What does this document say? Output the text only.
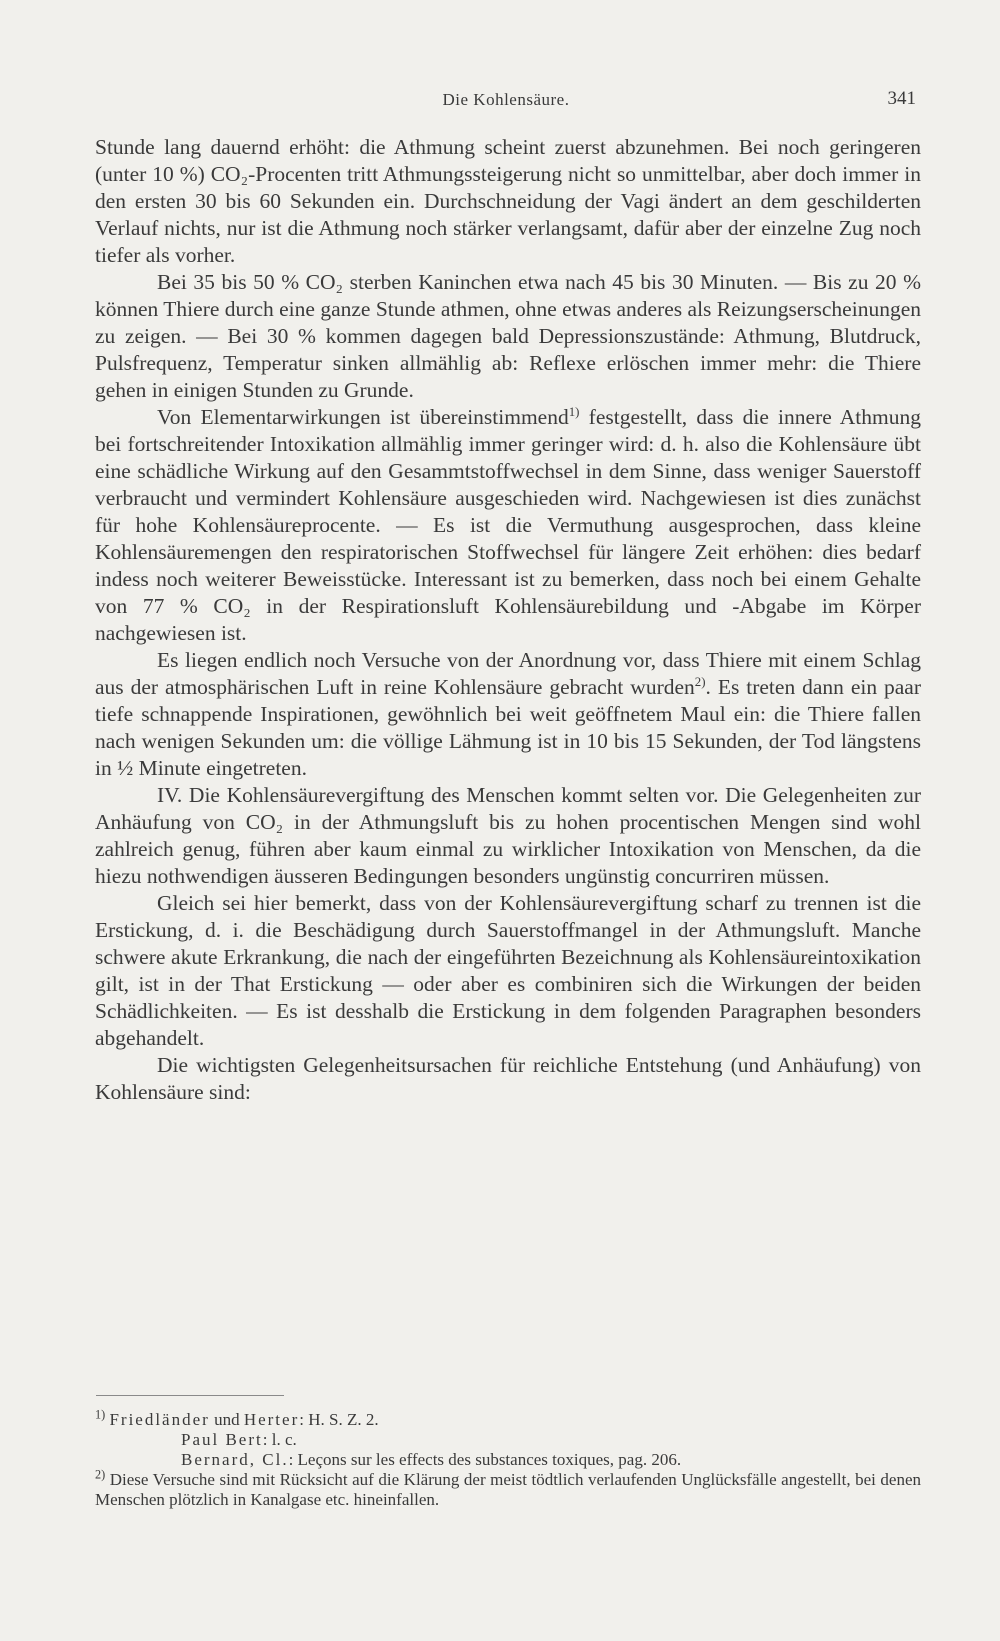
Die Kohlensäure.	341

Stunde lang dauernd erhöht: die Athmung scheint zuerst abzunehmen. Bei noch geringeren (unter 10 %) CO₂-Procenten tritt Athmungssteigerung nicht so unmittelbar, aber doch immer in den ersten 30 bis 60 Sekunden ein. Durchschneidung der Vagi ändert an dem geschilderten Verlauf nichts, nur ist die Athmung noch stärker verlangsamt, dafür aber der einzelne Zug noch tiefer als vorher.

Bei 35 bis 50 % CO₂ sterben Kaninchen etwa nach 45 bis 30 Minuten. — Bis zu 20 % können Thiere durch eine ganze Stunde athmen, ohne etwas anderes als Reizungserscheinungen zu zeigen. — Bei 30 % kommen dagegen bald Depressionszustände: Athmung, Blutdruck, Pulsfrequenz, Temperatur sinken allmählig ab: Reflexe erlöschen immer mehr: die Thiere gehen in einigen Stunden zu Grunde.

Von Elementarwirkungen ist übereinstimmend$^{1)}$ festgestellt, dass die innere Athmung bei fortschreitender Intoxikation allmählig immer geringer wird: d. h. also die Kohlensäure übt eine schädliche Wirkung auf den Gesammtstoffwechsel in dem Sinne, dass weniger Sauerstoff verbraucht und vermindert Kohlensäure ausgeschieden wird. Nachgewiesen ist dies zunächst für hohe Kohlensäureprocente. — Es ist die Vermuthung ausgesprochen, dass kleine Kohlensäuremengen den respiratorischen Stoffwechsel für längere Zeit erhöhen: dies bedarf indess noch weiterer Beweisstücke. Interessant ist zu bemerken, dass noch bei einem Gehalte von 77 % CO₂ in der Respirationsluft Kohlensäurebildung und -Abgabe im Körper nachgewiesen ist.

Es liegen endlich noch Versuche von der Anordnung vor, dass Thiere mit einem Schlag aus der atmosphärischen Luft in reine Kohlensäure gebracht wurden$^{2)}$. Es treten dann ein paar tiefe schnappende Inspirationen, gewöhnlich bei weit geöffnetem Maul ein: die Thiere fallen nach wenigen Sekunden um: die völlige Lähmung ist in 10 bis 15 Sekunden, der Tod längstens in ½ Minute eingetreten.

IV. Die Kohlensäurevergiftung des Menschen kommt selten vor. Die Gelegenheiten zur Anhäufung von CO₂ in der Athmungsluft bis zu hohen procentischen Mengen sind wohl zahlreich genug, führen aber kaum einmal zu wirklicher Intoxikation von Menschen, da die hiezu nothwendigen äusseren Bedingungen besonders ungünstig concurriren müssen.

Gleich sei hier bemerkt, dass von der Kohlensäurevergiftung scharf zu trennen ist die Erstickung, d. i. die Beschädigung durch Sauerstoffmangel in der Athmungsluft. Manche schwere akute Erkrankung, die nach der eingeführten Bezeichnung als Kohlensäureintoxikation gilt, ist in der That Erstickung — oder aber es combiniren sich die Wirkungen der beiden Schädlichkeiten. — Es ist desshalb die Erstickung in dem folgenden Paragraphen besonders abgehandelt.

Die wichtigsten Gelegenheitsursachen für reichliche Entstehung (und Anhäufung) von Kohlensäure sind:

$^{1)}$ Friedländer und Herter: H. S. Z. 2.

Paul Bert: l. c.

Bernard, Cl.: Leçons sur les effects des substances toxiques, pag. 206.

$^{2)}$ Diese Versuche sind mit Rücksicht auf die Klärung der meist tödtlich verlaufenden Unglücksfälle angestellt, bei denen Menschen plötzlich in Kanalgase etc. hineinfallen.
